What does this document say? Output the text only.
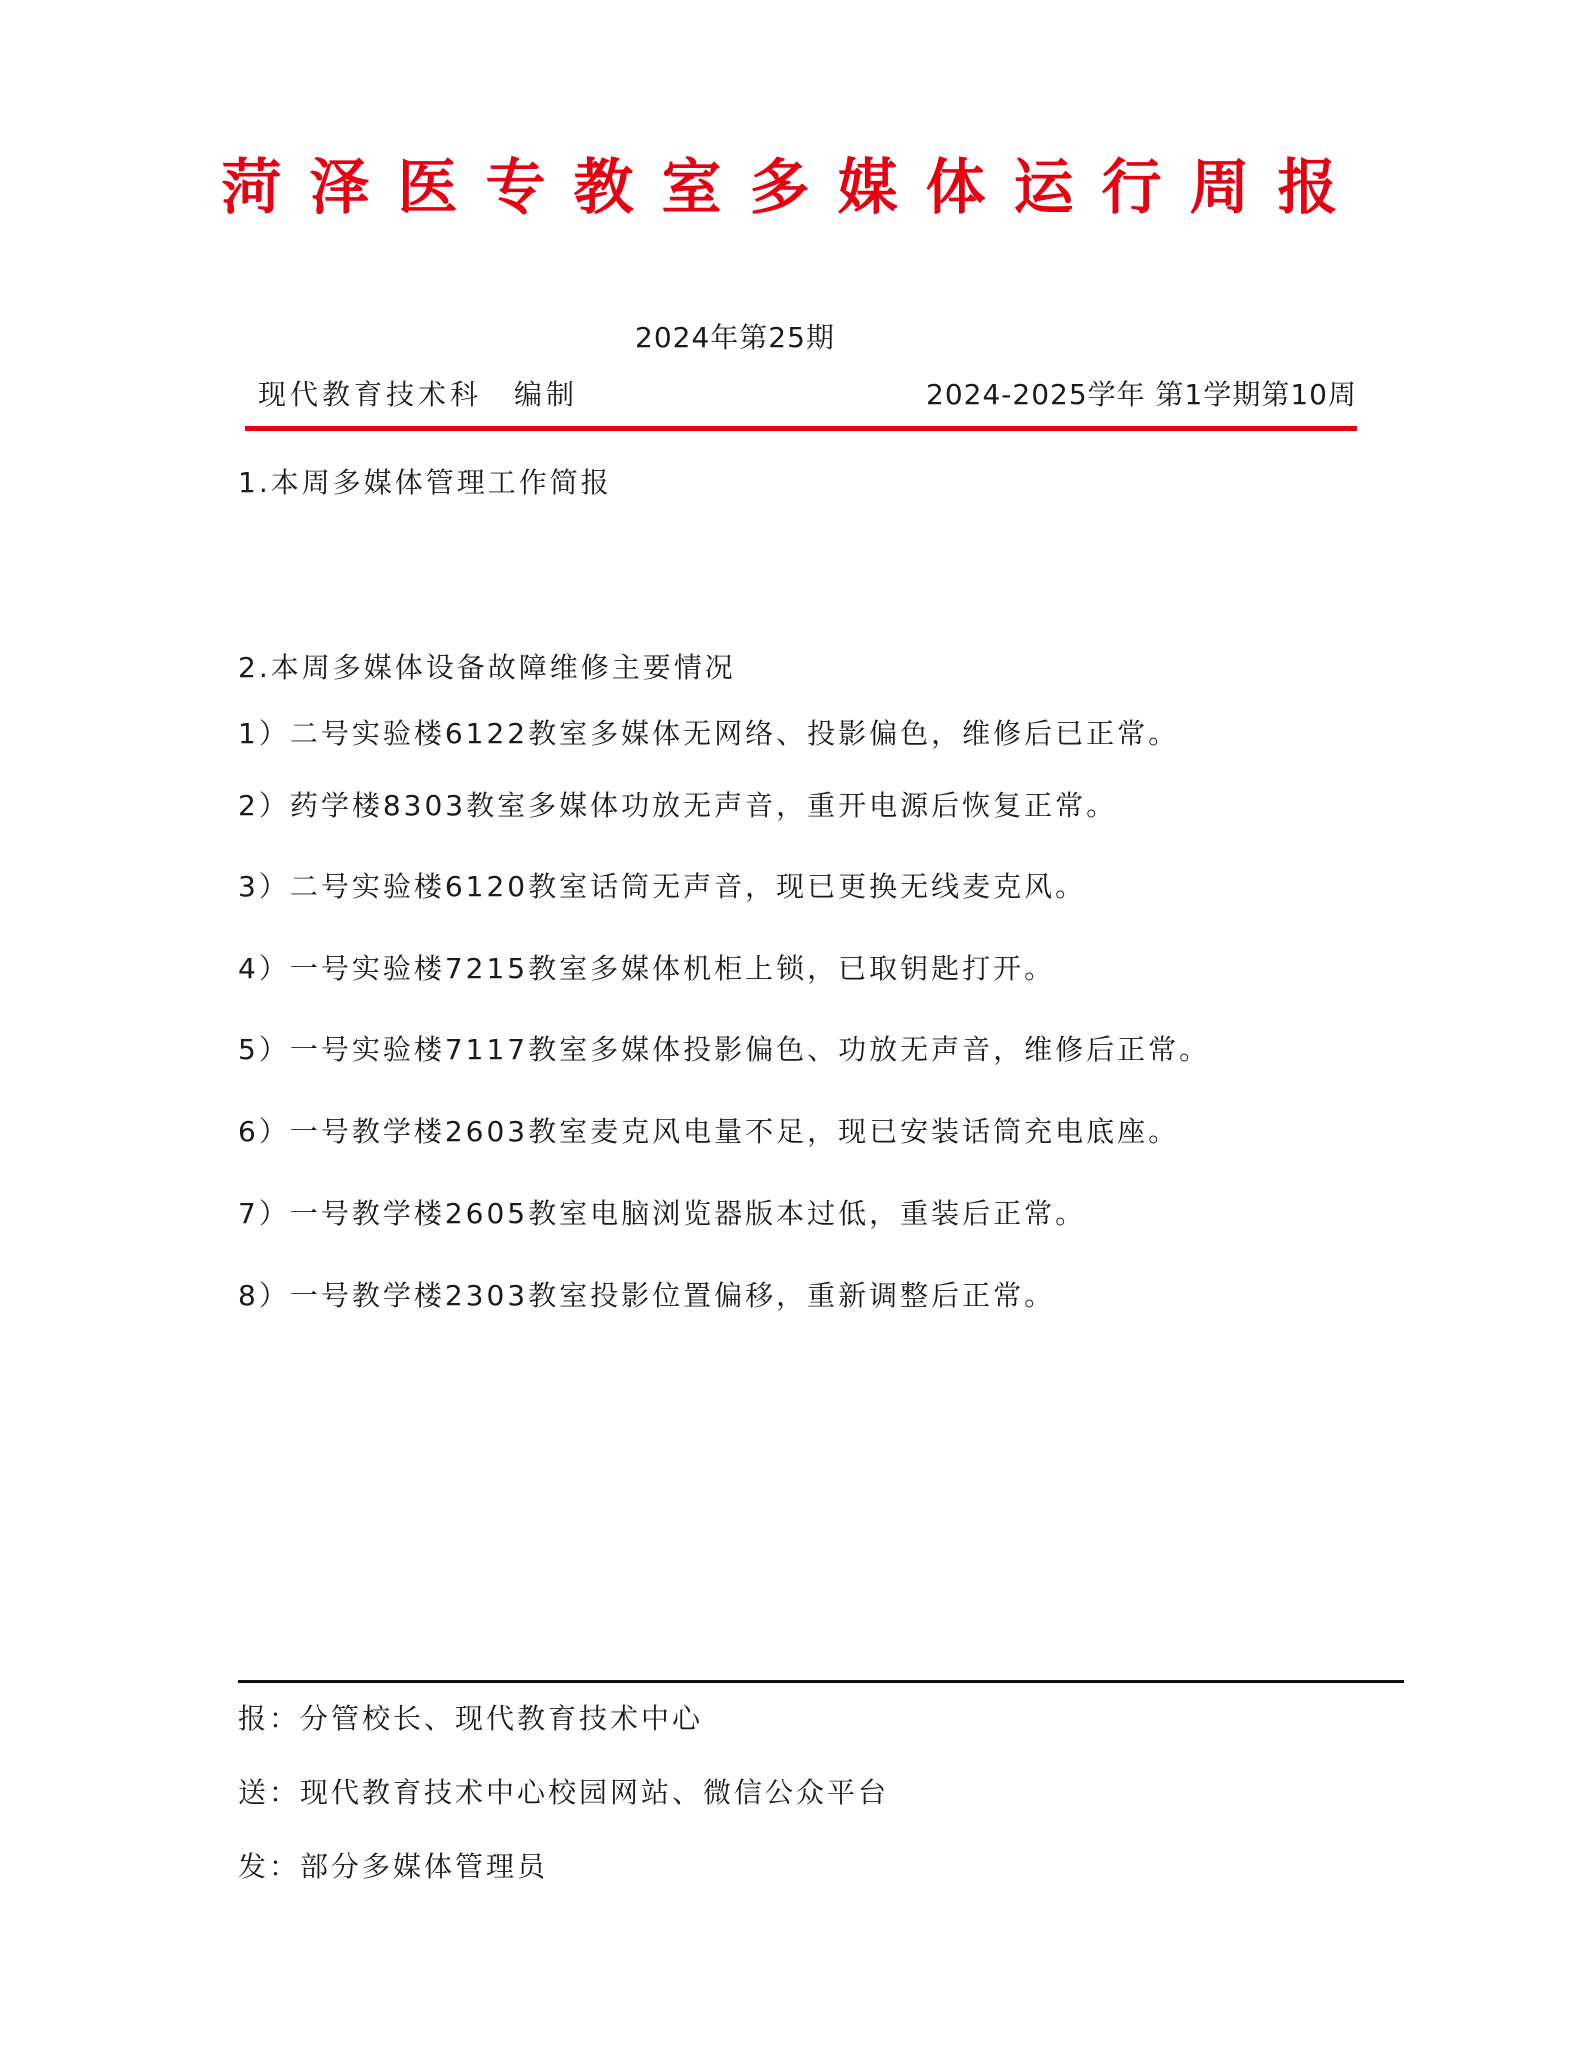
菏泽医专教室多媒体运行周报
2024年第25期
现代教育技术科　编制	2024-2025学年 第1学期第10周
1.本周多媒体管理工作简报
2.本周多媒体设备故障维修主要情况
1）二号实验楼6122教室多媒体无网络、投影偏色，维修后已正常。
2）药学楼8303教室多媒体功放无声音，重开电源后恢复正常。
3）二号实验楼6120教室话筒无声音，现已更换无线麦克风。
4）一号实验楼7215教室多媒体机柜上锁，已取钥匙打开。
5）一号实验楼7117教室多媒体投影偏色、功放无声音，维修后正常。
6）一号教学楼2603教室麦克风电量不足，现已安装话筒充电底座。
7）一号教学楼2605教室电脑浏览器版本过低，重装后正常。
8）一号教学楼2303教室投影位置偏移，重新调整后正常。
报：分管校长、现代教育技术中心
送：现代教育技术中心校园网站、微信公众平台
发：部分多媒体管理员
